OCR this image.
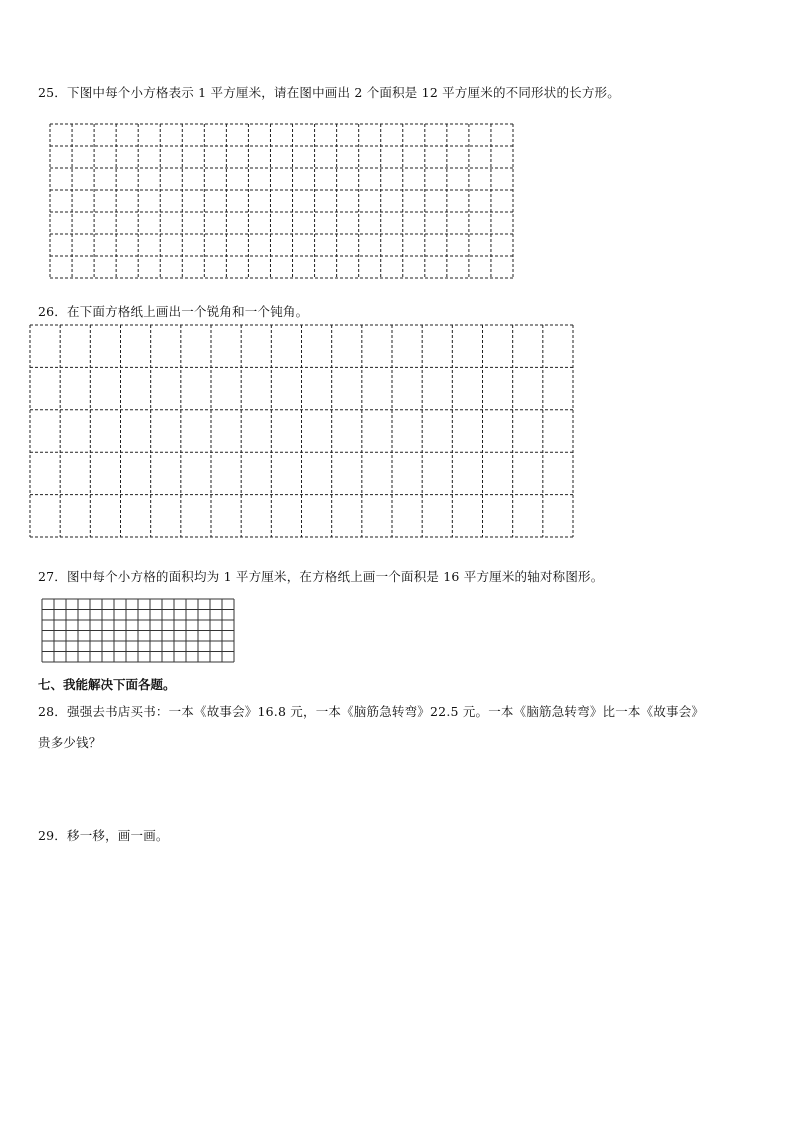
25．下图中每个小方格表示 1 平方厘米，请在图中画出 2 个面积是 12 平方厘米的不同形状的长方形。
26．在下面方格纸上画出一个锐角和一个钝角。
27．图中每个小方格的面积均为 1 平方厘米，在方格纸上画一个面积是 16 平方厘米的轴对称图形。
七、我能解决下面各题。
28．强强去书店买书：一本《故事会》16.8 元，一本《脑筋急转弯》22.5 元。一本《脑筋急转弯》比一本《故事会》
贵多少钱？
29．移一移，画一画。
